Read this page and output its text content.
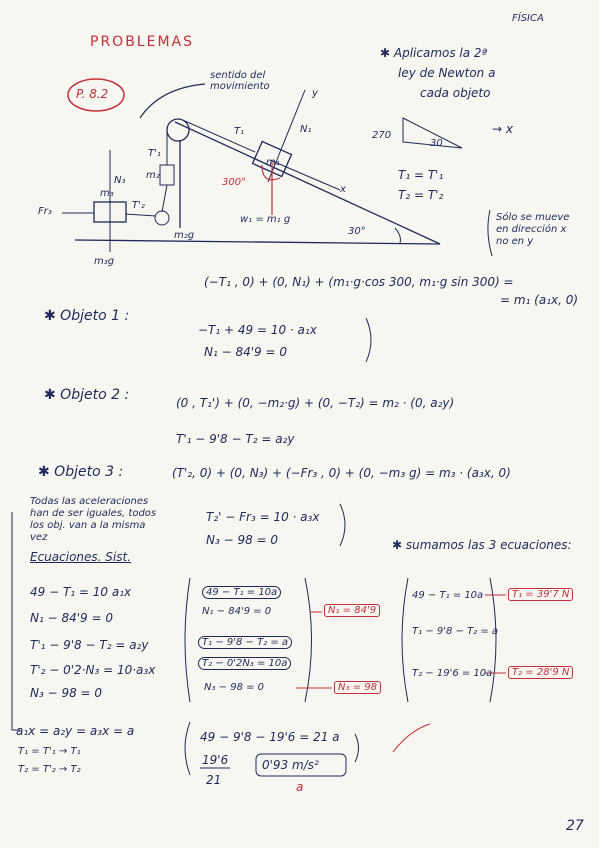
FÍSICA
PROBLEMAS
P. 8.2
sentido del movimiento
y
N₁
T₁
300°
m₁
w₁ = m₁ g
x
30°
T'₁
m₂
T'₂
N₃
m₃
Fr₃
m₃g
m₂g
✱ Aplicamos la 2ª
ley de Newton a
cada objeto
270
30
→ x
T₁ = T'₁
T₂ = T'₂
Sólo se mueve
en dirección x
no en y
(−T₁ , 0) + (0, N₁) + (m₁·g·cos 300, m₁·g sin 300) =
= m₁ (a₁x, 0)
✱ Objeto 1 :
−T₁ + 49 = 10 · a₁x
N₁ − 84'9 = 0
✱ Objeto 2 :	(0 , T₁') + (0, −m₂·g) + (0, −T₂) = m₂ · (0, a₂y)
T'₁ − 9'8 − T₂ = a₂y
✱ Objeto 3 :	(T'₂, 0) + (0, N₃) + (−Fr₃ , 0) + (0, −m₃ g) = m₃ · (a₃x, 0)
T₂' − Fr₃ = 10 · a₃x
N₃ − 98 = 0
Todas las aceleraciones
han de ser iguales, todos
los obj. van a la misma
vez
✱ sumamos las 3 ecuaciones:
Ecuaciones. Sist.
49 − T₁ = 10 a₁x
N₁ − 84'9 = 0
T'₁ − 9'8 − T₂ = a₂y
T'₂ − 0'2·N₃ = 10·a₃x
N₃ − 98 = 0
49 − T₁ = 10a
N₁ − 84'9 = 0	N₁ = 84'9
T₁ − 9'8 − T₂ = a
T₂ − 0'2N₃ = 10a
N₃ − 98 = 0	N₃ = 98
49 − T₁ = 10a
T₁ − 9'8 − T₂ = a
T₂ − 19'6 = 10a
T₁ = 39'7 N
T₂ = 28'9 N
a₁x = a₂y = a₃x = a
T₁ = T'₁ → T₁
T₂ = T'₂ → T₂
49 − 9'8 − 19'6 = 21 a
19'6
21
0'93 m/s²
a
27
